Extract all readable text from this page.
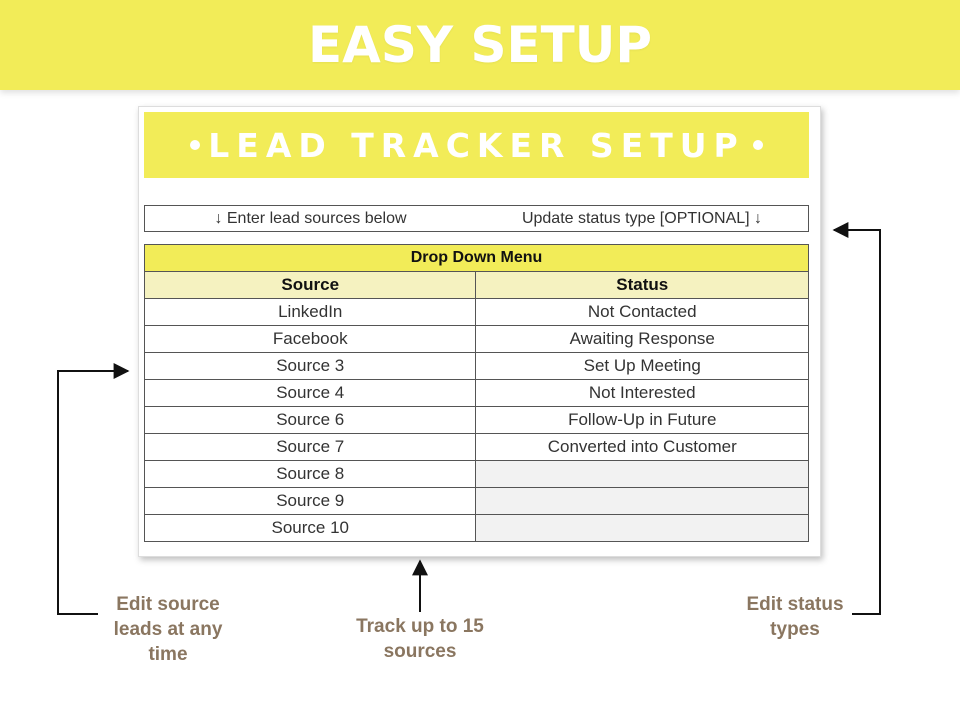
EASY SETUP
LEAD TRACKER SETUP
↓ Enter lead sources below	Update status type [OPTIONAL] ↓
Drop Down Menu	
Source	Status
LinkedIn	Not Contacted
Facebook	Awaiting Response
Source 3	Set Up Meeting
Source 4	Not Interested
Source 6	Follow-Up in Future
Source 7	Converted into Customer
Source 8	
Source 9	
Source 10	
Edit source leads at any time
Track up to 15 sources
Edit status types
